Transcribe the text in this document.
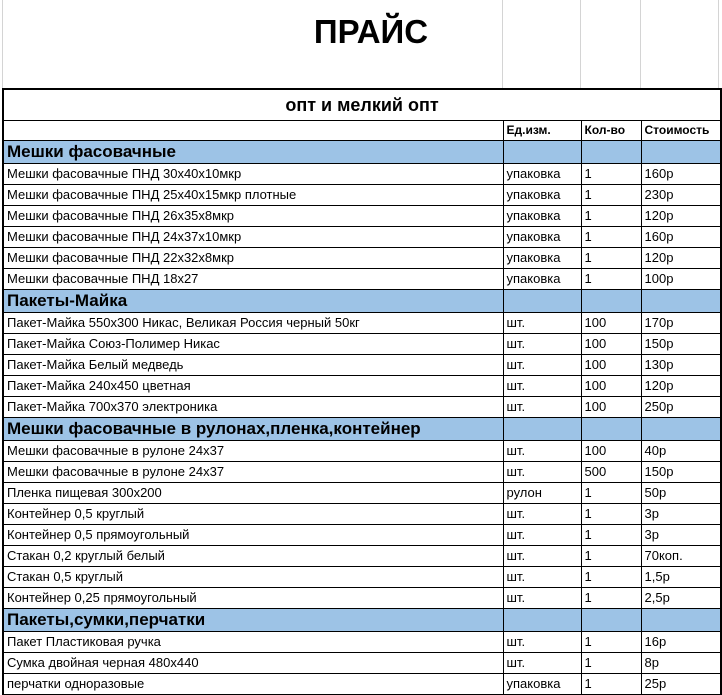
ПРАЙС
опт и мелкий опт			
	Ед.изм.	Кол-во	Стоимость
Мешки фасовачные			
Мешки фасовачные ПНД 30х40х10мкр	упаковка	1	160р
Мешки фасовачные ПНД 25х40х15мкр плотные	упаковка	1	230р
Мешки фасовачные ПНД 26х35х8мкр	упаковка	1	120р
Мешки фасовачные ПНД 24х37х10мкр	упаковка	1	160р
Мешки фасовачные ПНД 22х32х8мкр	упаковка	1	120р
Мешки фасовачные ПНД 18х27	упаковка	1	100р
Пакеты-Майка			
Пакет-Майка 550х300 Никас, Великая Россия черный 50кг	шт.	100	170р
Пакет-Майка Союз-Полимер Никас	шт.	100	150р
Пакет-Майка Белый медведь	шт.	100	130р
Пакет-Майка 240х450 цветная	шт.	100	120р
Пакет-Майка 700х370 электроника	шт.	100	250р
Мешки фасовачные в рулонах,пленка,контейнер			
Мешки фасовачные в рулоне 24х37	шт.	100	40р
Мешки фасовачные в рулоне 24х37	шт.	500	150р
Пленка пищевая 300х200	рулон	1	50р
Контейнер 0,5 круглый	шт.	1	3р
Контейнер 0,5 прямоугольный	шт.	1	3р
Стакан 0,2 круглый белый	шт.	1	70коп.
Стакан 0,5 круглый	шт.	1	1,5р
Контейнер 0,25 прямоугольный	шт.	1	2,5р
Пакеты,сумки,перчатки			
Пакет Пластиковая ручка	шт.	1	16р
Сумка двойная черная 480х440	шт.	1	8р
перчатки одноразовые	упаковка	1	25р
